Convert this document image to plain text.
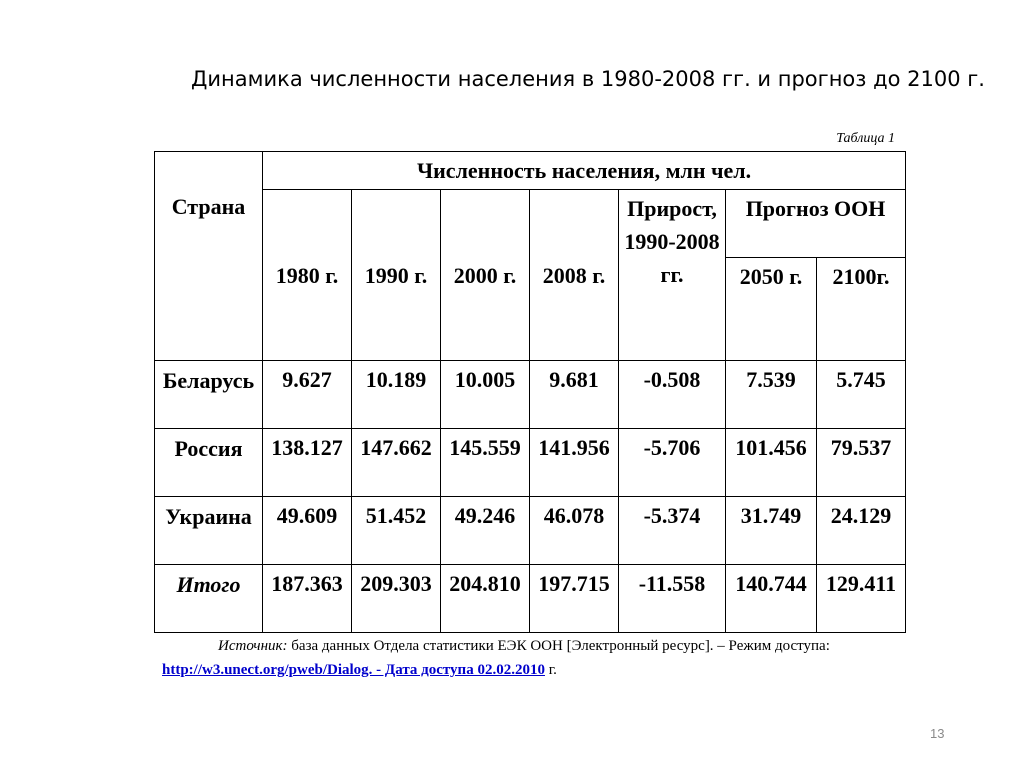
Динамика численности населения в 1980-2008 гг. и прогноз до 2100 г.
Таблица 1
Страна	Численность населения, млн чел.						
	1980 г.	1990 г.	2000 г.	2008 г.	Прирост, 1990-2008 гг.	Прогноз ООН	
						2050 г.	2100г.
Беларусь	9.627	10.189	10.005	9.681	-0.508	7.539	5.745
Россия	138.127	147.662	145.559	141.956	-5.706	101.456	79.537
Украина	49.609	51.452	49.246	46.078	-5.374	31.749	24.129
Итого	187.363	209.303	204.810	197.715	-11.558	140.744	129.411
Источник: база данных Отдела статистики ЕЭК ООН [Электронный ресурс]. – Режим доступа: http://w3.unect.org/pweb/Dialog. - Дата доступа 02.02.2010 г.
13
